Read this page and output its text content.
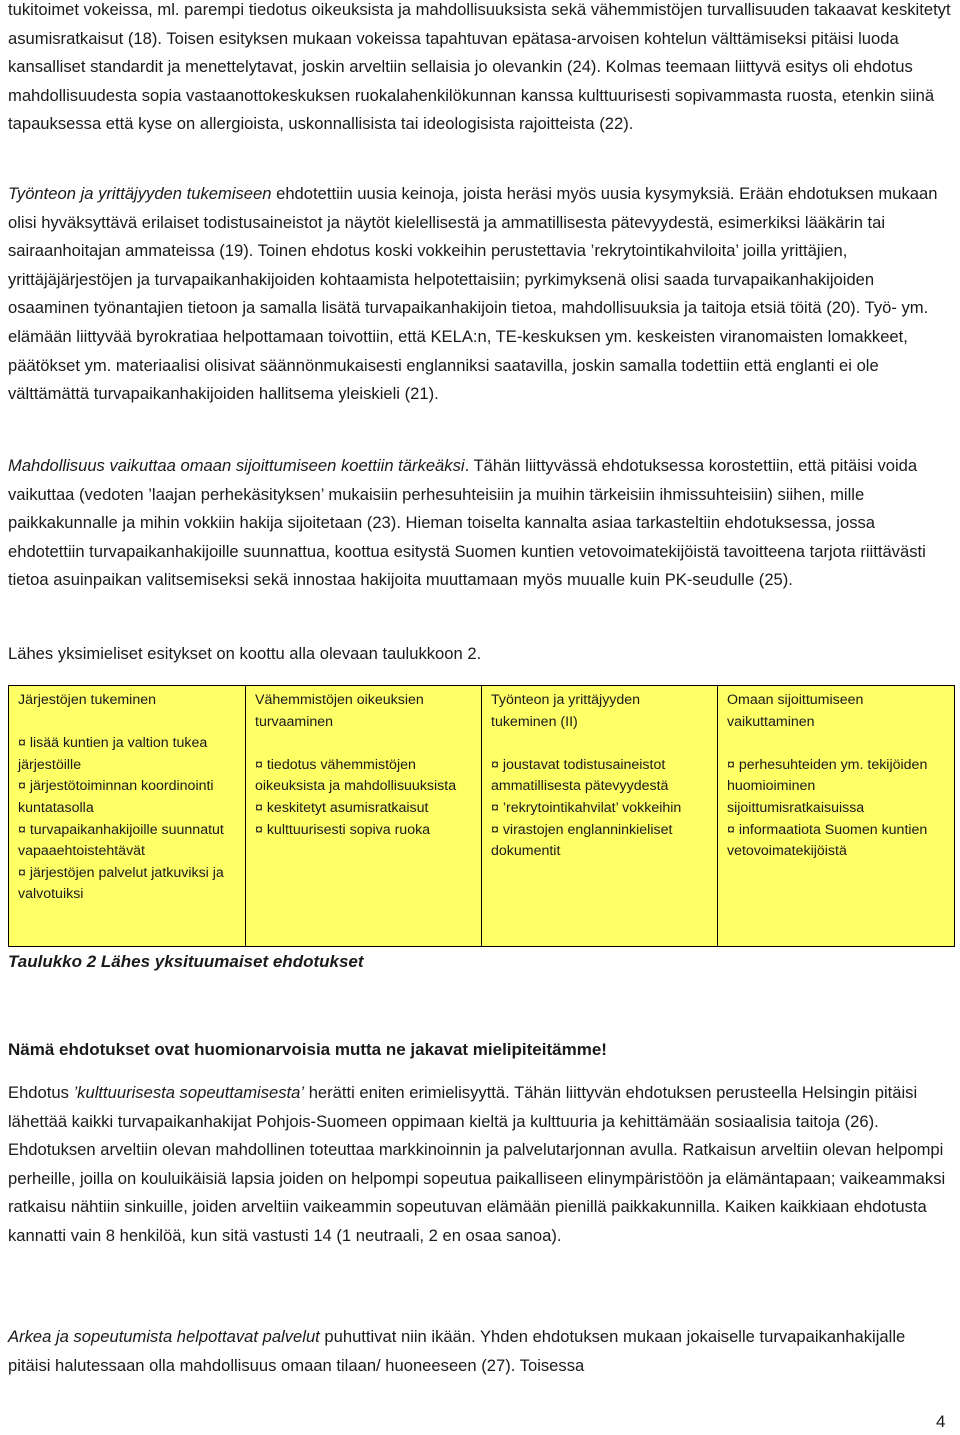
tukitoimet vokeissa, ml. parempi tiedotus oikeuksista ja mahdollisuuksista sekä vähemmistöjen turvallisuuden takaavat keskitetyt asumisratkaisut (18). Toisen esityksen mukaan vokeissa tapahtuvan epätasa-arvoisen kohtelun välttämiseksi pitäisi luoda kansalliset standardit ja menettelytavat, joskin arveltiin sellaisia jo olevankin (24). Kolmas teemaan liittyvä esitys oli ehdotus mahdollisuudesta sopia vastaanottokeskuksen ruokalahenkilökunnan kanssa kulttuurisesti sopivammasta ruosta, etenkin siinä tapauksessa että kyse on allergioista, uskonnallisista tai ideologisista rajoitteista (22).

Työnteon ja yrittäjyyden tukemiseen ehdotettiin uusia keinoja, joista heräsi myös uusia kysymyksiä. Erään ehdotuksen mukaan olisi hyväksyttävä erilaiset todistusaineistot ja näytöt kielellisestä ja ammatillisesta pätevyydestä, esimerkiksi lääkärin tai sairaanhoitajan ammateissa (19). Toinen ehdotus koski vokkeihin perustettavia ’rekrytointikahviloita’ joilla yrittäjien, yrittäjäjärjestöjen ja turvapaikanhakijoiden kohtaamista helpotettaisiin; pyrkimyksenä olisi saada turvapaikanhakijoiden osaaminen työnantajien tietoon ja samalla lisätä turvapaikanhakijoin tietoa, mahdollisuuksia ja taitoja etsiä töitä (20). Työ- ym. elämään liittyvää byrokratiaa helpottamaan toivottiin, että KELA:n, TE-keskuksen ym. keskeisten viranomaisten lomakkeet, päätökset ym. materiaalisi olisivat säännönmukaisesti englanniksi saatavilla, joskin samalla todettiin että englanti ei ole välttämättä turvapaikanhakijoiden hallitsema yleiskieli (21).

Mahdollisuus vaikuttaa omaan sijoittumiseen koettiin tärkeäksi. Tähän liittyvässä ehdotuksessa korostettiin, että pitäisi voida vaikuttaa (vedoten ’laajan perhekäsityksen’ mukaisiin perhesuhteisiin ja muihin tärkeisiin ihmissuhteisiin) siihen, mille paikkakunnalle ja mihin vokkiin hakija sijoitetaan (23). Hieman toiselta kannalta asiaa tarkasteltiin ehdotuksessa, jossa ehdotettiin turvapaikanhakijoille suunnattua, koottua esitystä Suomen kuntien vetovoimatekijöistä tavoitteena tarjota riittävästi tietoa asuinpaikan valitsemiseksi sekä innostaa hakijoita muuttamaan myös muualle kuin PK-seudulle (25).

Lähes yksimieliset esitykset on koottu alla olevaan taulukkoon 2.

Järjestöjen tukeminen
¤ lisää kuntien ja valtion tukea järjestöille
¤ järjestötoiminnan koordinointi kuntatasolla
¤ turvapaikanhakijoille suunnatut vapaaehtoistehtävät
¤ järjestöjen palvelut jatkuviksi ja valvotuiksi

Vähemmistöjen oikeuksien turvaaminen
¤ tiedotus vähemmistöjen oikeuksista ja mahdollisuuksista
¤ keskitetyt asumisratkaisut
¤ kulttuurisesti sopiva ruoka

Työnteon ja yrittäjyyden tukeminen (II)
¤ joustavat todistusaineistot ammatillisesta pätevyydestä
¤ ’rekrytointikahvilat’ vokkeihin
¤ virastojen englanninkieliset dokumentit

Omaan sijoittumiseen vaikuttaminen
¤ perhesuhteiden ym. tekijöiden huomioiminen sijoittumisratkaisuissa
¤ informaatiota Suomen kuntien vetovoimatekijöistä
Taulukko 2 Lähes yksituumaiset ehdotukset
Nämä ehdotukset ovat huomionarvoisia mutta ne jakavat mielipiteitämme!

Ehdotus ’kulttuurisesta sopeuttamisesta’ herätti eniten erimielisyyttä. Tähän liittyvän ehdotuksen perusteella Helsingin pitäisi lähettää kaikki turvapaikanhakijat Pohjois-Suomeen oppimaan kieltä ja kulttuuria ja kehittämään sosiaalisia taitoja (26). Ehdotuksen arveltiin olevan mahdollinen toteuttaa markkinoinnin ja palvelutarjonnan avulla. Ratkaisun arveltiin olevan helpompi perheille, joilla on kouluikäisiä lapsia joiden on helpompi sopeutua paikalliseen elinympäristöön ja elämäntapaan; vaikeammaksi ratkaisu nähtiin sinkuille, joiden arveltiin vaikeammin sopeutuvan elämään pienillä paikkakunnilla. Kaiken kaikkiaan ehdotusta kannatti vain 8 henkilöä, kun sitä vastusti 14 (1 neutraali, 2 en osaa sanoa).

Arkea ja sopeutumista helpottavat palvelut puhuttivat niin ikään. Yhden ehdotuksen mukaan jokaiselle turvapaikanhakijalle pitäisi halutessaan olla mahdollisuus omaan tilaan/ huoneeseen (27). Toisessa

4
